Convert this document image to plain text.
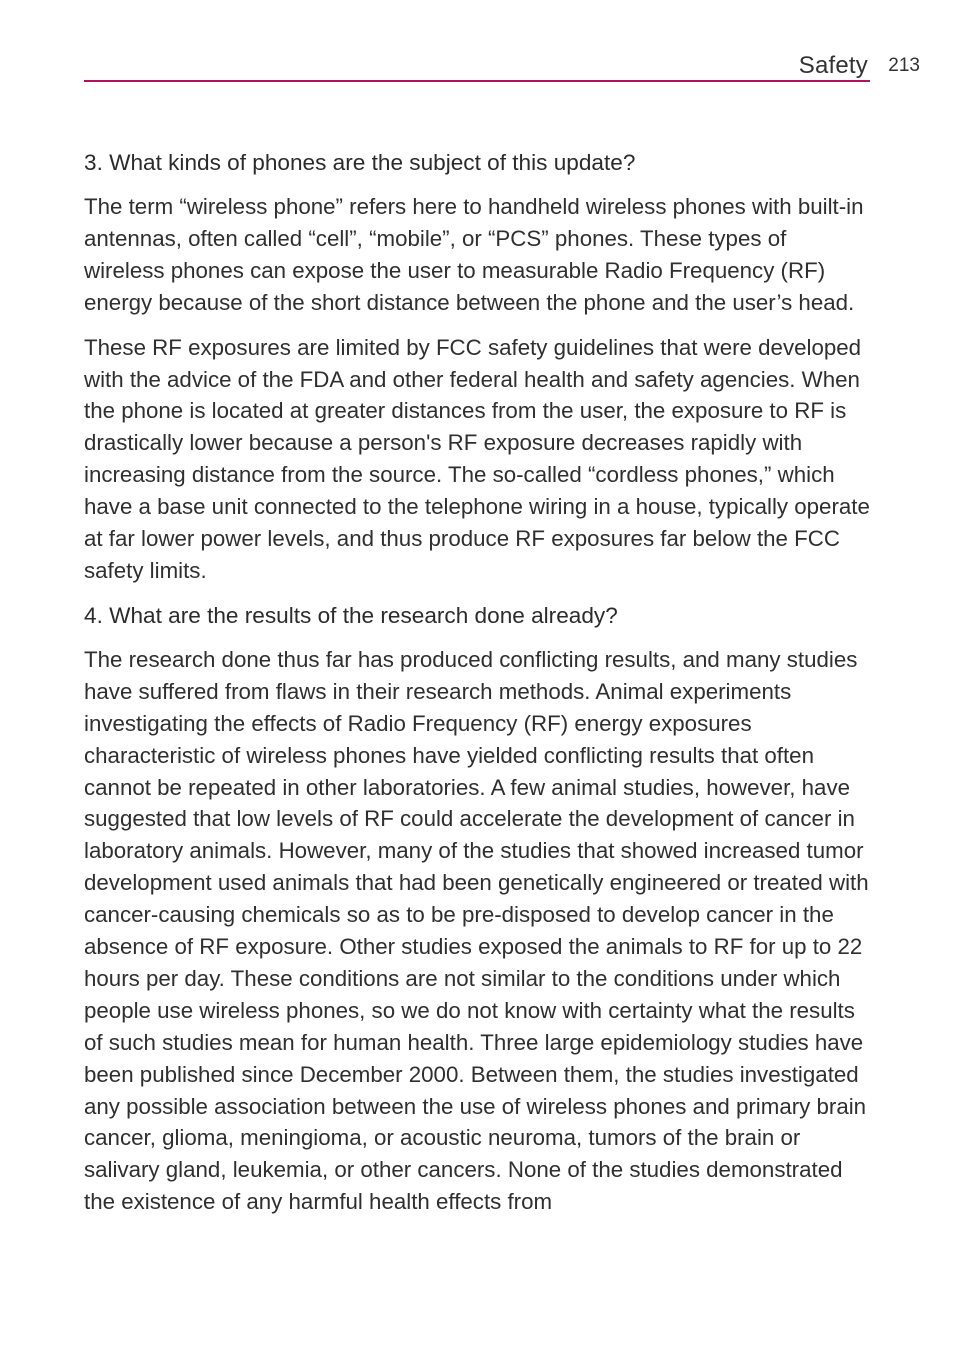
Safety 213

3. What kinds of phones are the subject of this update?

The term “wireless phone” refers here to handheld wireless phones with built-in antennas, often called “cell”, “mobile”, or “PCS” phones. These types of wireless phones can expose the user to measurable Radio Frequency (RF) energy because of the short distance between the phone and the user’s head.

These RF exposures are limited by FCC safety guidelines that were developed with the advice of the FDA and other federal health and safety agencies. When the phone is located at greater distances from the user, the exposure to RF is drastically lower because a person's RF exposure decreases rapidly with increasing distance from the source. The so-called “cordless phones,” which have a base unit connected to the telephone wiring in a house, typically operate at far lower power levels, and thus produce RF exposures far below the FCC safety limits.

4. What are the results of the research done already?

The research done thus far has produced conflicting results, and many studies have suffered from flaws in their research methods. Animal experiments investigating the effects of Radio Frequency (RF) energy exposures characteristic of wireless phones have yielded conflicting results that often cannot be repeated in other laboratories. A few animal studies, however, have suggested that low levels of RF could accelerate the development of cancer in laboratory animals. However, many of the studies that showed increased tumor development used animals that had been genetically engineered or treated with cancer-causing chemicals so as to be pre-disposed to develop cancer in the absence of RF exposure. Other studies exposed the animals to RF for up to 22 hours per day. These conditions are not similar to the conditions under which people use wireless phones, so we do not know with certainty what the results of such studies mean for human health. Three large epidemiology studies have been published since December 2000. Between them, the studies investigated any possible association between the use of wireless phones and primary brain cancer, glioma, meningioma, or acoustic neuroma, tumors of the brain or salivary gland, leukemia, or other cancers. None of the studies demonstrated the existence of any harmful health effects from
